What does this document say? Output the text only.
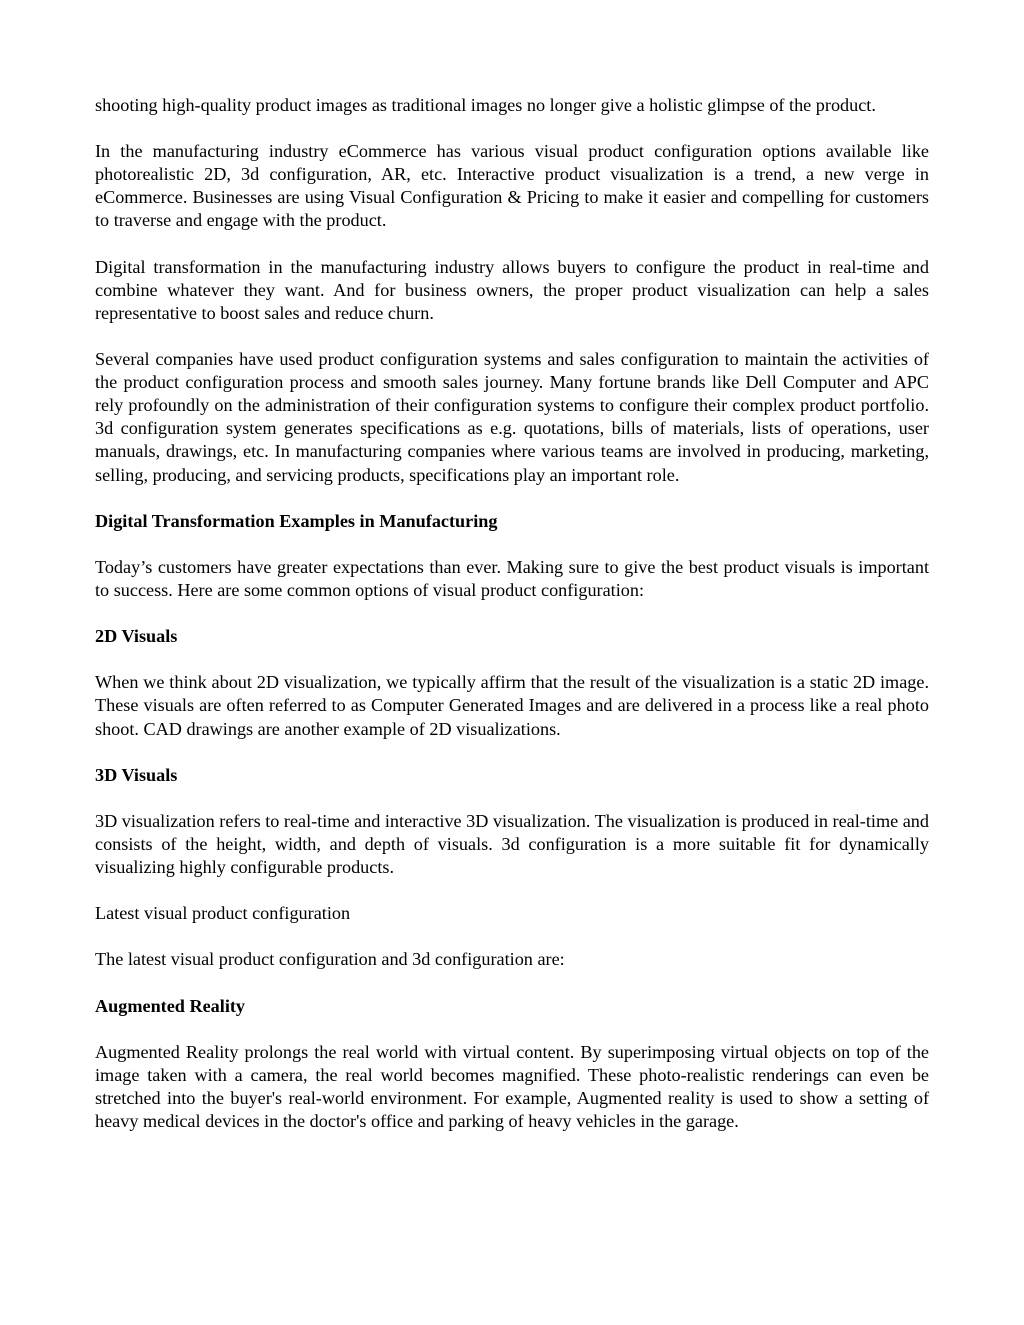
shooting high-quality product images as traditional images no longer give a holistic glimpse of the product.

In the manufacturing industry eCommerce has various visual product configuration options available like photorealistic 2D, 3d configuration, AR, etc. Interactive product visualization is a trend, a new verge in eCommerce. Businesses are using Visual Configuration & Pricing to make it easier and compelling for customers to traverse and engage with the product.

Digital transformation in the manufacturing industry allows buyers to configure the product in real-time and combine whatever they want. And for business owners, the proper product visualization can help a sales representative to boost sales and reduce churn.

Several companies have used product configuration systems and sales configuration to maintain the activities of the product configuration process and smooth sales journey. Many fortune brands like Dell Computer and APC rely profoundly on the administration of their configuration systems to configure their complex product portfolio. 3d configuration system generates specifications as e.g. quotations, bills of materials, lists of operations, user manuals, drawings, etc. In manufacturing companies where various teams are involved in producing, marketing, selling, producing, and servicing products, specifications play an important role.

Digital Transformation Examples in Manufacturing

Today’s customers have greater expectations than ever. Making sure to give the best product visuals is important to success. Here are some common options of visual product configuration:

2D Visuals

When we think about 2D visualization, we typically affirm that the result of the visualization is a static 2D image. These visuals are often referred to as Computer Generated Images and are delivered in a process like a real photo shoot. CAD drawings are another example of 2D visualizations.

3D Visuals

3D visualization refers to real-time and interactive 3D visualization. The visualization is produced in real-time and consists of the height, width, and depth of visuals. 3d configuration is a more suitable fit for dynamically visualizing highly configurable products.

Latest visual product configuration

The latest visual product configuration and 3d configuration are:

Augmented Reality

Augmented Reality prolongs the real world with virtual content. By superimposing virtual objects on top of the image taken with a camera, the real world becomes magnified. These photo-realistic renderings can even be stretched into the buyer's real-world environment. For example, Augmented reality is used to show a setting of heavy medical devices in the doctor's office and parking of heavy vehicles in the garage.
